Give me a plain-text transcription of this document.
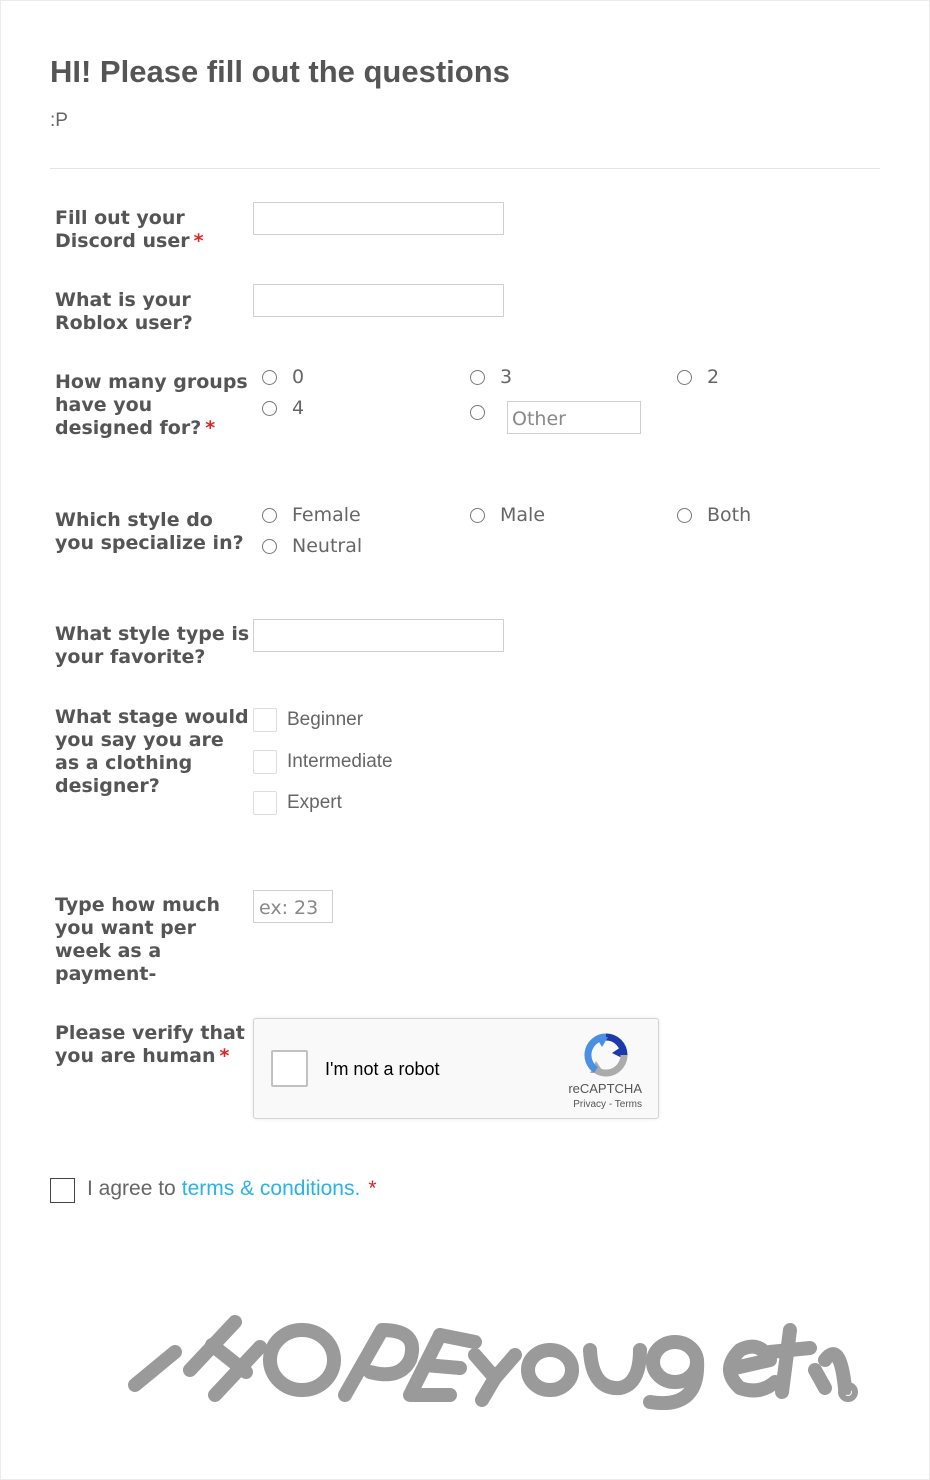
HI! Please fill out the questions
:P
Fill out your
Discord user *
What is your
Roblox user?
How many groups
have you
designed for? *
0	3	2
4	Other
Which style do
you specialize in?
Female	Male	Both
Neutral
What style type is
your favorite?
What stage would
you say you are
as a clothing
designer?
Beginner
Intermediate
Expert
Type how much
you want per
week as a
payment-
ex: 23
Please verify that
you are human *
I'm not a robot
reCAPTCHA
Privacy - Terms
I agree to terms & conditions. *
